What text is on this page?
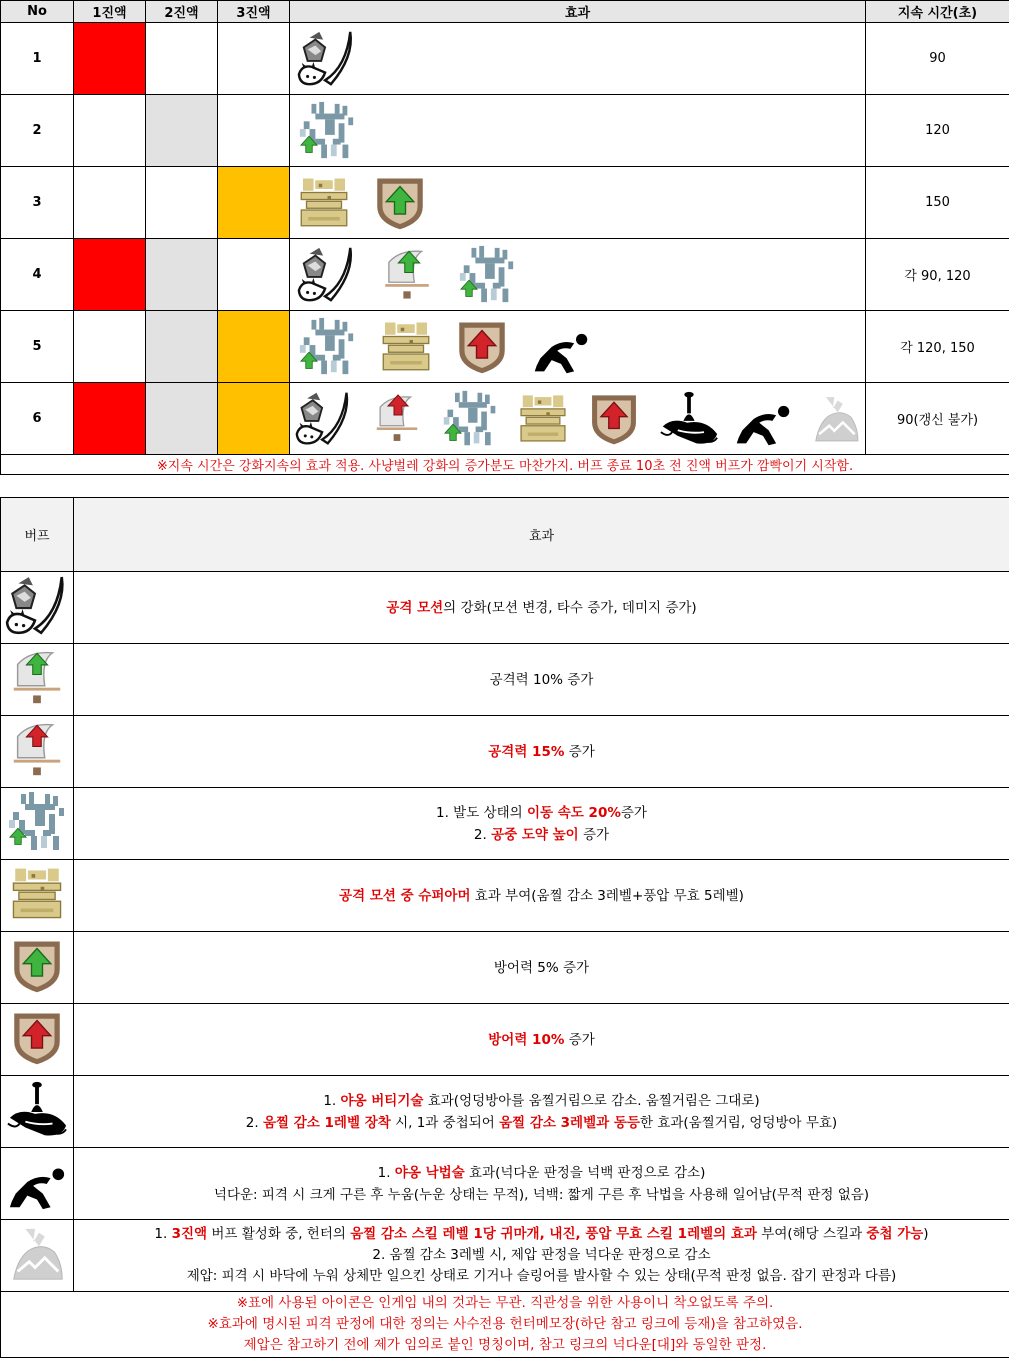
No	1진액	2진액	3진액	효과	지속 시간(초)
1					90
2					120
3					150
4					각 90, 120
5					각 120, 150
6					90(갱신 불가)
※지속 시간은 강화지속의 효과 적용. 사냥벌레 강화의 증가분도 마찬가지. 버프 종료 10초 전 진액 버프가 깜빡이기 시작함.					
버프	효과
	공격 모션의 강화(모션 변경, 타수 증가, 데미지 증가)
	공격력 10% 증가
	공격력 15% 증가

1. 발도 상태의 이동 속도 20%증가
2. 공중 도약 높이 증가

	공격 모션 중 슈퍼아머 효과 부여(움찔 감소 3레벨+풍압 무효 5레벨)
	방어력 5% 증가
	방어력 10% 증가

1. 야옹 버티기술 효과(엉덩방아를 움찔거림으로 감소. 움찔거림은 그대로)
2. 움찔 감소 1레벨 장착 시, 1과 중첩되어 움찔 감소 3레벨과 동등한 효과(움찔거림, 엉덩방아 무효)

1. 야옹 낙법술 효과(넉다운 판정을 넉백 판정으로 감소)
넉다운: 피격 시 크게 구른 후 누움(누운 상태는 무적), 넉백: 짧게 구른 후 낙법을 사용해 일어남(무적 판정 없음)

1. 3진액 버프 활성화 중, 헌터의 움찔 감소 스킬 레벨 1당 귀마개, 내진, 풍압 무효 스킬 1레벨의 효과 부여(해당 스킬과 중첩 가능)
2. 움찔 감소 3레벨 시, 제압 판정을 넉다운 판정으로 감소
제압: 피격 시 바닥에 누워 상체만 일으킨 상태로 기거나 슬링어를 발사할 수 있는 상태(무적 판정 없음. 잡기 판정과 다름)

※표에 사용된 아이콘은 인게임 내의 것과는 무관. 직관성을 위한 사용이니 착오없도록 주의.
※효과에 명시된 피격 판정에 대한 정의는 사수전용 헌터메모장(하단 참고 링크에 등재)을 참고하였음.
제압은 참고하기 전에 제가 임의로 붙인 명칭이며, 참고 링크의 넉다운[대]와 동일한 판정.	
